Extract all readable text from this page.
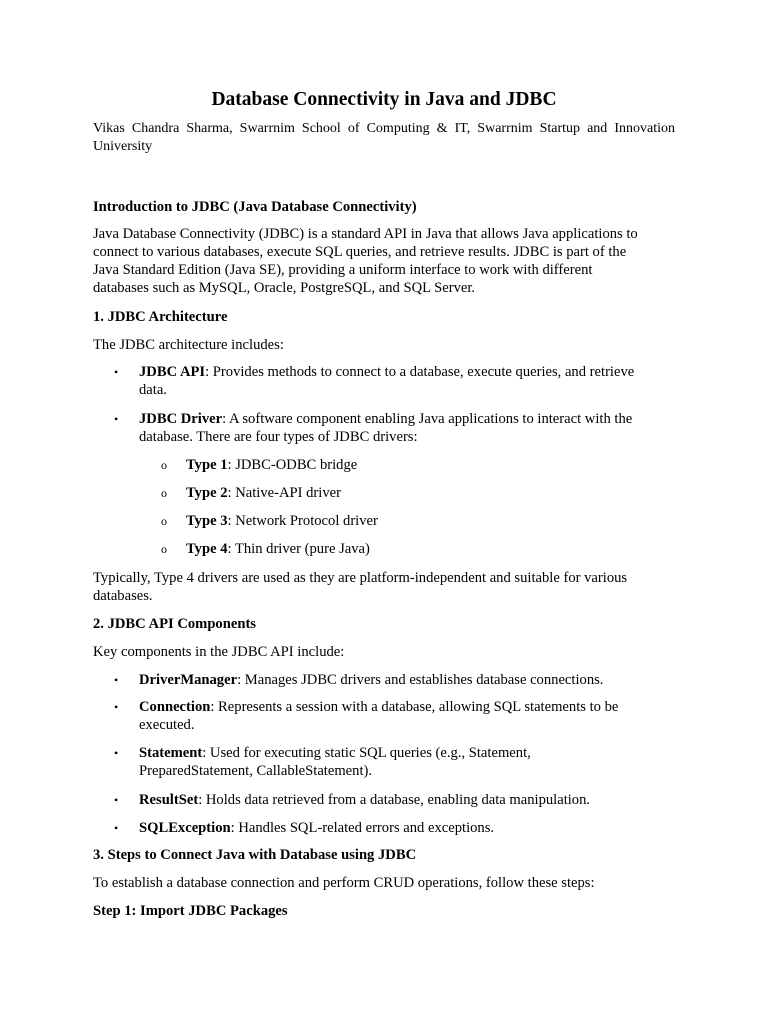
Database Connectivity in Java and JDBC

Vikas Chandra Sharma, Swarrnim School of Computing & IT, Swarrnim Startup and Innovation University

Introduction to JDBC (Java Database Connectivity)

Java Database Connectivity (JDBC) is a standard API in Java that allows Java applications to

connect to various databases, execute SQL queries, and retrieve results. JDBC is part of the

Java Standard Edition (Java SE), providing a uniform interface to work with different

databases such as MySQL, Oracle, PostgreSQL, and SQL Server.

1. JDBC Architecture

The JDBC architecture includes:

• JDBC API: Provides methods to connect to a database, execute queries, and retrieve

data.

• JDBC Driver: A software component enabling Java applications to interact with the

database. There are four types of JDBC drivers:

o Type 1: JDBC-ODBC bridge

o Type 2: Native-API driver

o Type 3: Network Protocol driver

o Type 4: Thin driver (pure Java)

Typically, Type 4 drivers are used as they are platform-independent and suitable for various

databases.

2. JDBC API Components

Key components in the JDBC API include:

• DriverManager: Manages JDBC drivers and establishes database connections.

• Connection: Represents a session with a database, allowing SQL statements to be

executed.

• Statement: Used for executing static SQL queries (e.g., Statement,

PreparedStatement, CallableStatement).

• ResultSet: Holds data retrieved from a database, enabling data manipulation.

• SQLException: Handles SQL-related errors and exceptions.

3. Steps to Connect Java with Database using JDBC

To establish a database connection and perform CRUD operations, follow these steps:

Step 1: Import JDBC Packages
